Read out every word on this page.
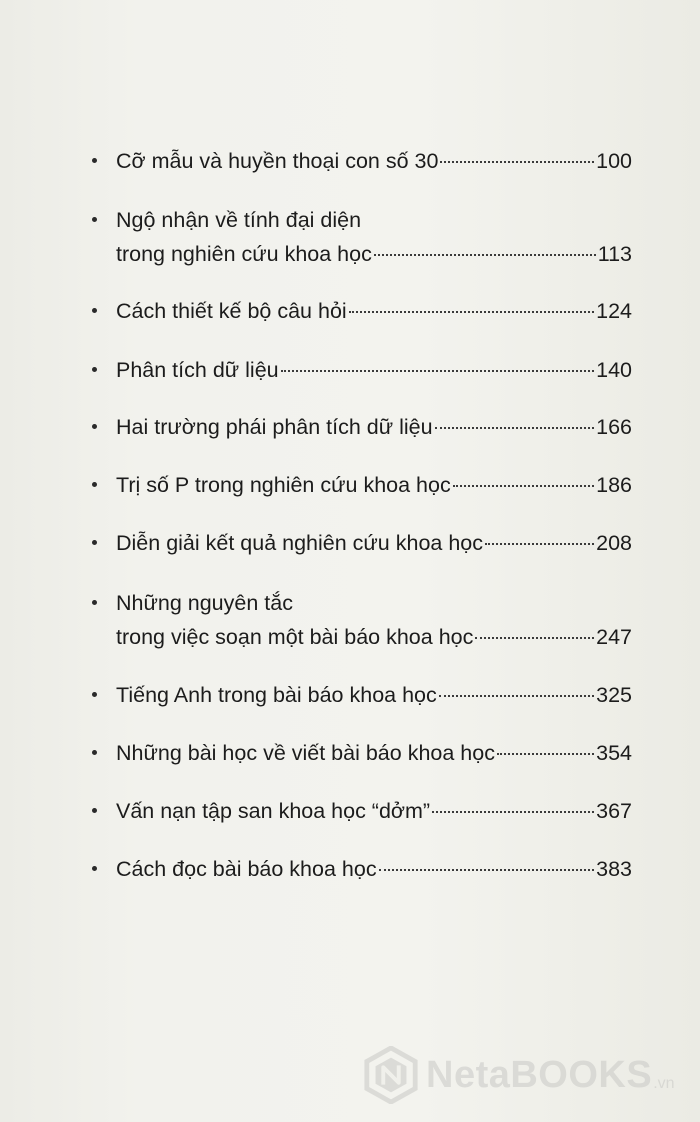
Cỡ mẫu và huyền thoại con số 30	100
Ngộ nhận về tính đại diện
trong nghiên cứu khoa học	113
Cách thiết kế bộ câu hỏi	124
Phân tích dữ liệu	140
Hai trường phái phân tích dữ liệu	166
Trị số P trong nghiên cứu khoa học	186
Diễn giải kết quả nghiên cứu khoa học	208
Những nguyên tắc
trong việc soạn một bài báo khoa học	247
Tiếng Anh trong bài báo khoa học	325
Những bài học về viết bài báo khoa học	354
Vấn nạn tập san khoa học “dởm”	367
Cách đọc bài báo khoa học	383
NetaBOOKS .vn
